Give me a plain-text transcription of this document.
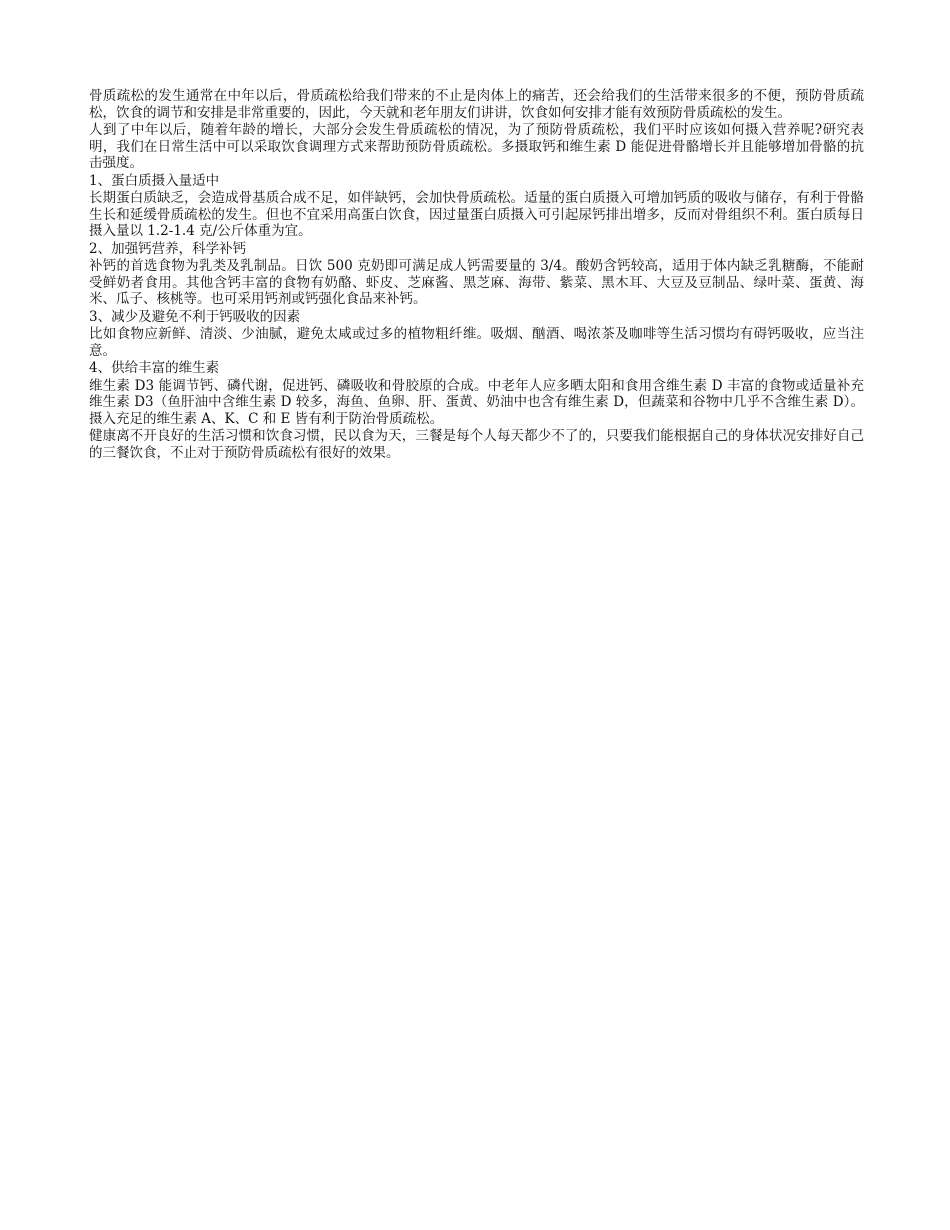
骨质疏松的发生通常在中年以后，骨质疏松给我们带来的不止是肉体上的痛苦，还会给我们的生活带来很多的不便，预防骨质疏松，饮食的调节和安排是非常重要的，因此，今天就和老年朋友们讲讲，饮食如何安排才能有效预防骨质疏松的发生。

人到了中年以后，随着年龄的增长，大部分会发生骨质疏松的情况，为了预防骨质疏松，我们平时应该如何摄入营养呢?研究表明，我们在日常生活中可以采取饮食调理方式来帮助预防骨质疏松。多摄取钙和维生素 D 能促进骨骼增长并且能够增加骨骼的抗击强度。

1、蛋白质摄入量适中

长期蛋白质缺乏，会造成骨基质合成不足，如伴缺钙，会加快骨质疏松。适量的蛋白质摄入可增加钙质的吸收与储存，有利于骨骼生长和延缓骨质疏松的发生。但也不宜采用高蛋白饮食，因过量蛋白质摄入可引起尿钙排出增多，反而对骨组织不利。蛋白质每日摄入量以 1.2-1.4 克/公斤体重为宜。

2、加强钙营养，科学补钙

补钙的首选食物为乳类及乳制品。日饮 500 克奶即可满足成人钙需要量的 3/4。酸奶含钙较高，适用于体内缺乏乳糖酶，不能耐受鲜奶者食用。其他含钙丰富的食物有奶酪、虾皮、芝麻酱、黑芝麻、海带、紫菜、黑木耳、大豆及豆制品、绿叶菜、蛋黄、海米、瓜子、核桃等。也可采用钙剂或钙强化食品来补钙。

3、减少及避免不利于钙吸收的因素

比如食物应新鲜、清淡、少油腻，避免太咸或过多的植物粗纤维。吸烟、酗酒、喝浓茶及咖啡等生活习惯均有碍钙吸收，应当注意。

4、供给丰富的维生素

维生素 D3 能调节钙、磷代谢，促进钙、磷吸收和骨胶原的合成。中老年人应多晒太阳和食用含维生素 D 丰富的食物或适量补充维生素 D3（鱼肝油中含维生素 D 较多，海鱼、鱼卵、肝、蛋黄、奶油中也含有维生素 D，但蔬菜和谷物中几乎不含维生素 D）。摄入充足的维生素 A、K、C 和 E 皆有利于防治骨质疏松。

健康离不开良好的生活习惯和饮食习惯，民以食为天，三餐是每个人每天都少不了的，只要我们能根据自己的身体状况安排好自己的三餐饮食，不止对于预防骨质疏松有很好的效果。
